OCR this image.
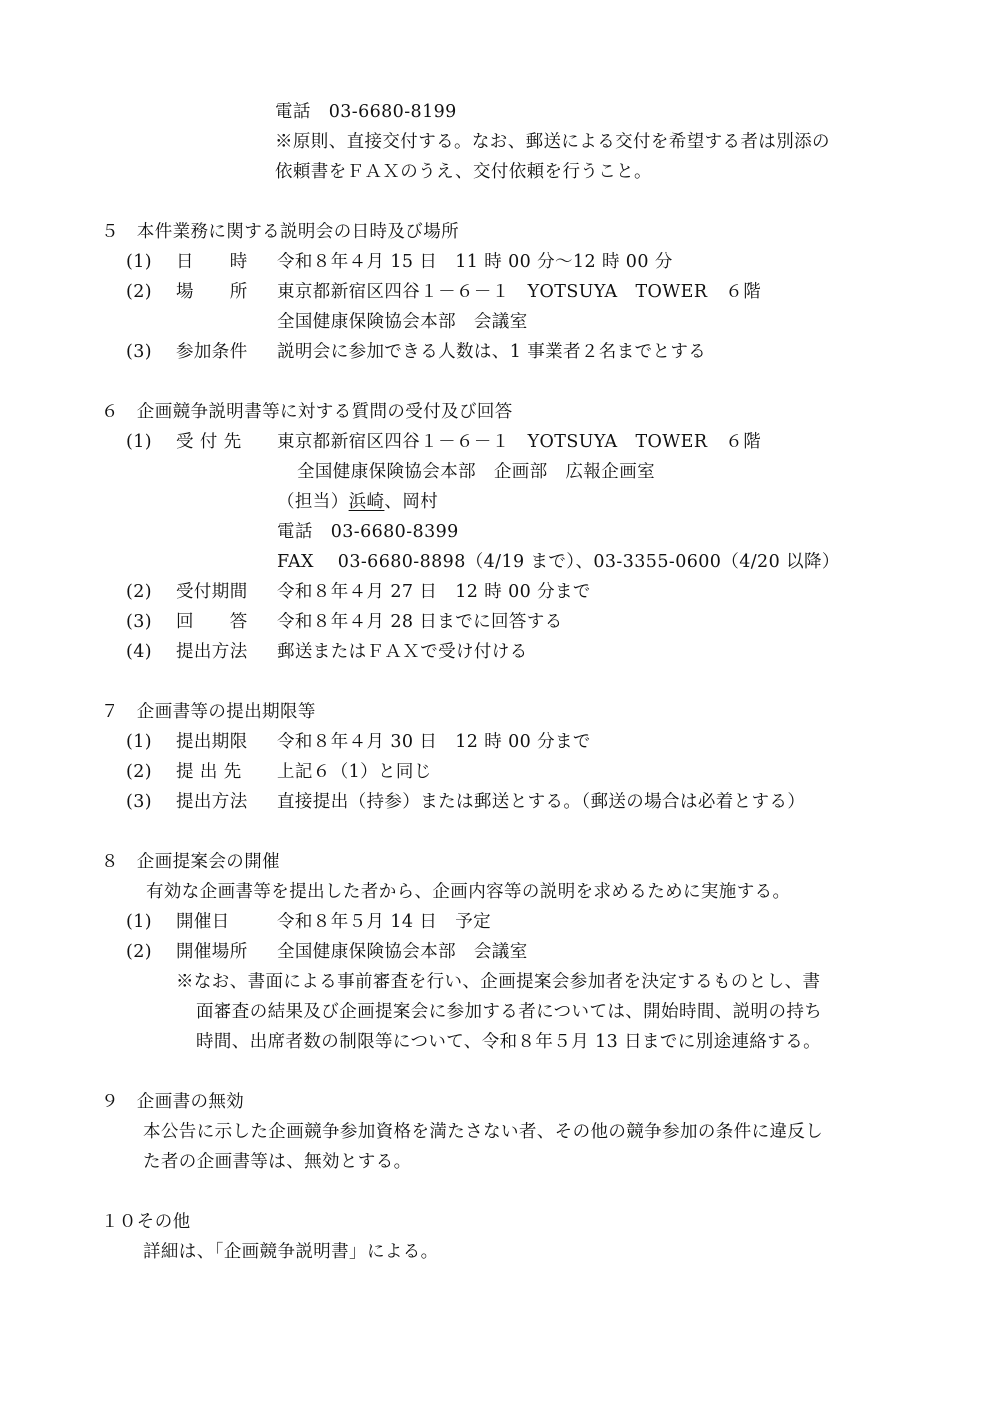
電話　03-6680-8199
※原則、直接交付する。なお、郵送による交付を希望する者は別添の
依頼書をＦＡＸのうえ、交付依頼を行うこと。
５　本件業務に関する説明会の日時及び場所
(1) 日　　時 令和８年４月 15 日　11 時 00 分～12 時 00 分
(2) 場　　所 東京都新宿区四谷１－６－１　YOTSUYA　TOWER　６階
全国健康保険協会本部　会議室
(3) 参加条件 説明会に参加できる人数は、1 事業者２名までとする
６　企画競争説明書等に対する質問の受付及び回答
(1) 受 付 先 東京都新宿区四谷１－６－１　YOTSUYA　TOWER　６階
全国健康保険協会本部　企画部　広報企画室
（担当）浜崎、岡村
電話　03-6680-8399
FAX　 03-6680-8898（4/19 まで）、03-3355-0600（4/20 以降）
(2) 受付期間 令和８年４月 27 日　12 時 00 分まで
(3) 回　　答 令和８年４月 28 日までに回答する
(4) 提出方法 郵送またはＦＡＸで受け付ける
７　企画書等の提出期限等
(1) 提出期限 令和８年４月 30 日　12 時 00 分まで
(2) 提 出 先 上記６（1）と同じ
(3) 提出方法 直接提出（持参）または郵送とする。（郵送の場合は必着とする）
８　企画提案会の開催
有効な企画書等を提出した者から、企画内容等の説明を求めるために実施する。
(1) 開催日	令和８年５月 14 日　予定
(2) 開催場所 全国健康保険協会本部　会議室
※なお、書面による事前審査を行い、企画提案会参加者を決定するものとし、書
面審査の結果及び企画提案会に参加する者については、開始時間、説明の持ち
時間、出席者数の制限等について、令和８年５月 13 日までに別途連絡する。
９　企画書の無効
本公告に示した企画競争参加資格を満たさない者、その他の競争参加の条件に違反し
た者の企画書等は、無効とする。
１０その他
詳細は、「企画競争説明書」による。
